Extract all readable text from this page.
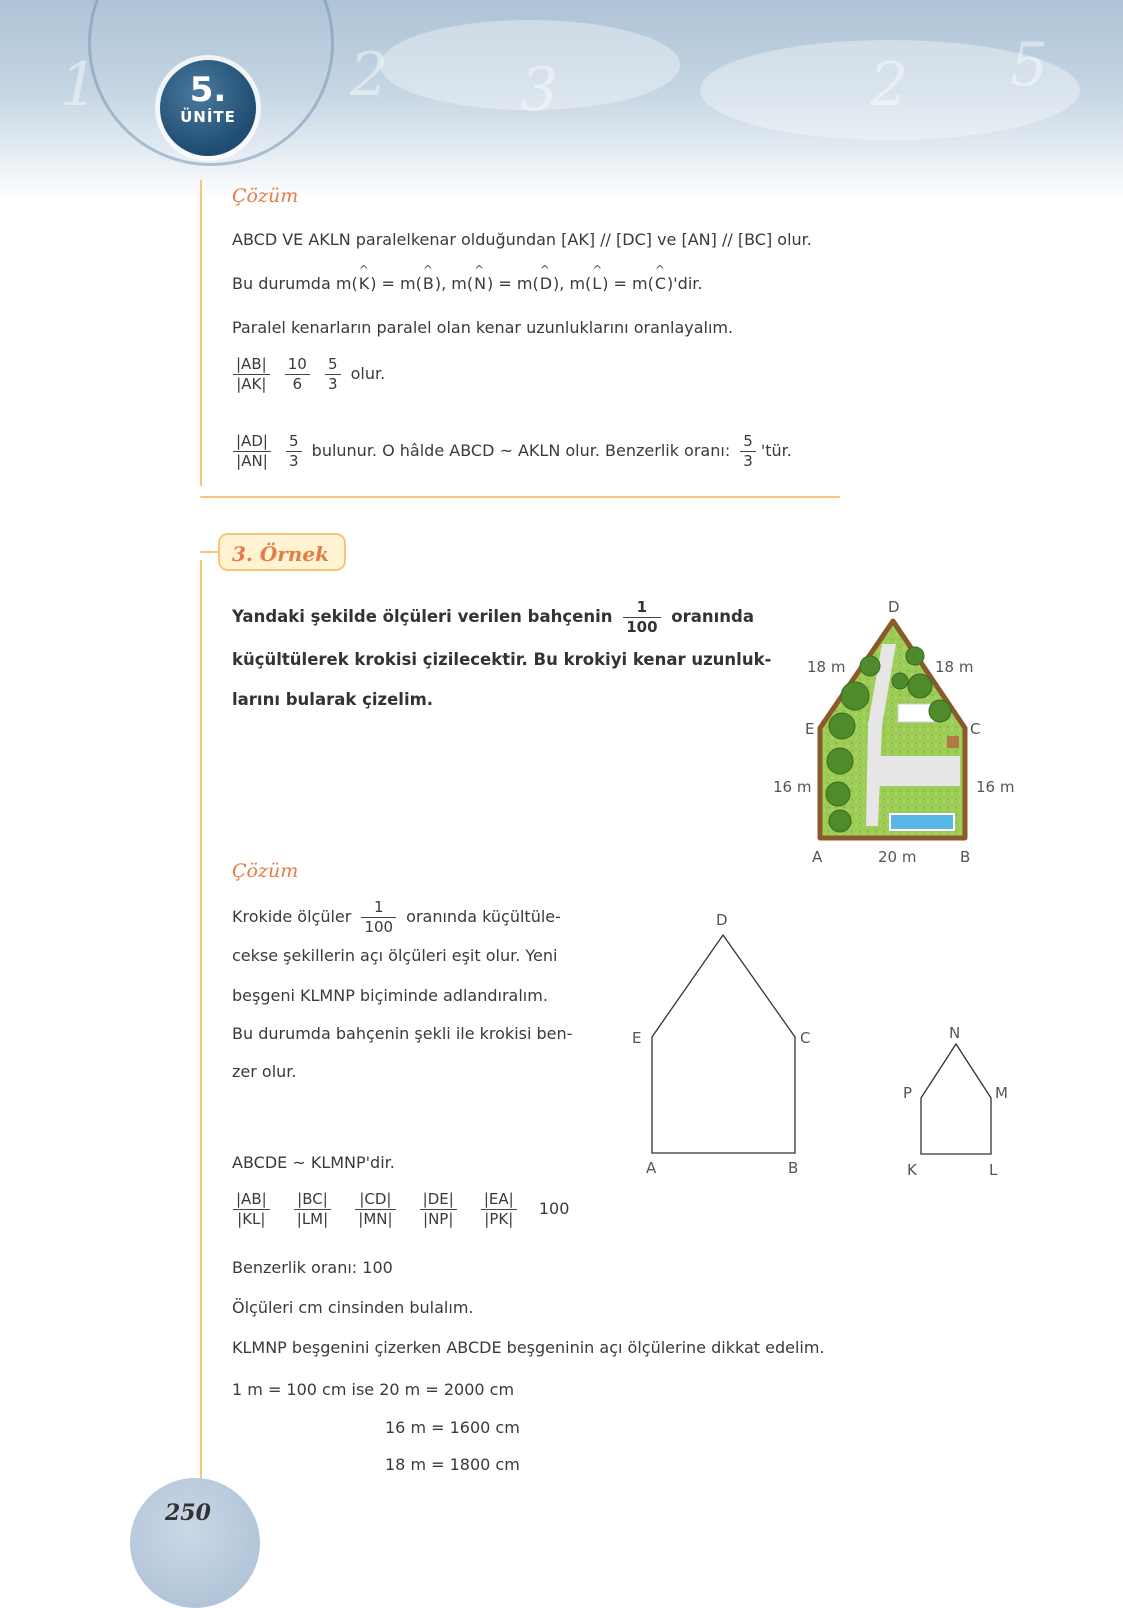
1	2 3	2 5
5.
ÜNİTE
Çözüm
ABCD VE AKLN paralelkenar olduğundan [AK] // [DC] ve [AN] // [BC] olur.
Bu durumda m(^ K) = m(^ B), m(^ N) = m(^ D), m(^ L) = m(^ C)'dir.
Paralel kenarların paralel olan kenar uzunluklarını oranlayalım.
$\frac{|AB|}{|AK|}$
$\frac{10}{6}$
$\frac{5}{3}$ olur.
$\frac{|AD|}{|AN|}$
$\frac{5}{3}$ bulunur. O hâlde ABCD ~ AKLN olur. Benzerlik oranı: $\frac{5}{3}$ 'tür.
3. Örnek
Yandaki şekilde ölçüleri verilen bahçenin $\frac{1}{100}$ oranında
küçültülerek krokisi çizilecektir. Bu krokiyi kenar uzunluk-
larını bularak çizelim.
D
E	C
A	B
18 m	18 m
16 m	16 m
20 m
Çözüm
Krokide ölçüler $\frac{1}{100}$ oranında küçültüle-
cekse şekillerin açı ölçüleri eşit olur. Yeni
beşgeni KLMNP biçiminde adlandıralım.
Bu durumda bahçenin şekli ile krokisi ben-
zer olur.
D
E	C
A	B
N
P	M
K	L
ABCDE ~ KLMNP'dir.
$\frac{|AB|}{|KL|}$
$\frac{|BC|}{|LM|}$
$\frac{|CD|}{|MN|}$
$\frac{|DE|}{|NP|}$
$\frac{|EA|}{|PK|} 100$
Benzerlik oranı: 100
Ölçüleri cm cinsinden bulalım.
KLMNP beşgenini çizerken ABCDE beşgeninin açı ölçülerine dikkat edelim.
1 m = 100 cm ise 20 m = 2000 cm
16 m = 1600 cm
18 m = 1800 cm
250
